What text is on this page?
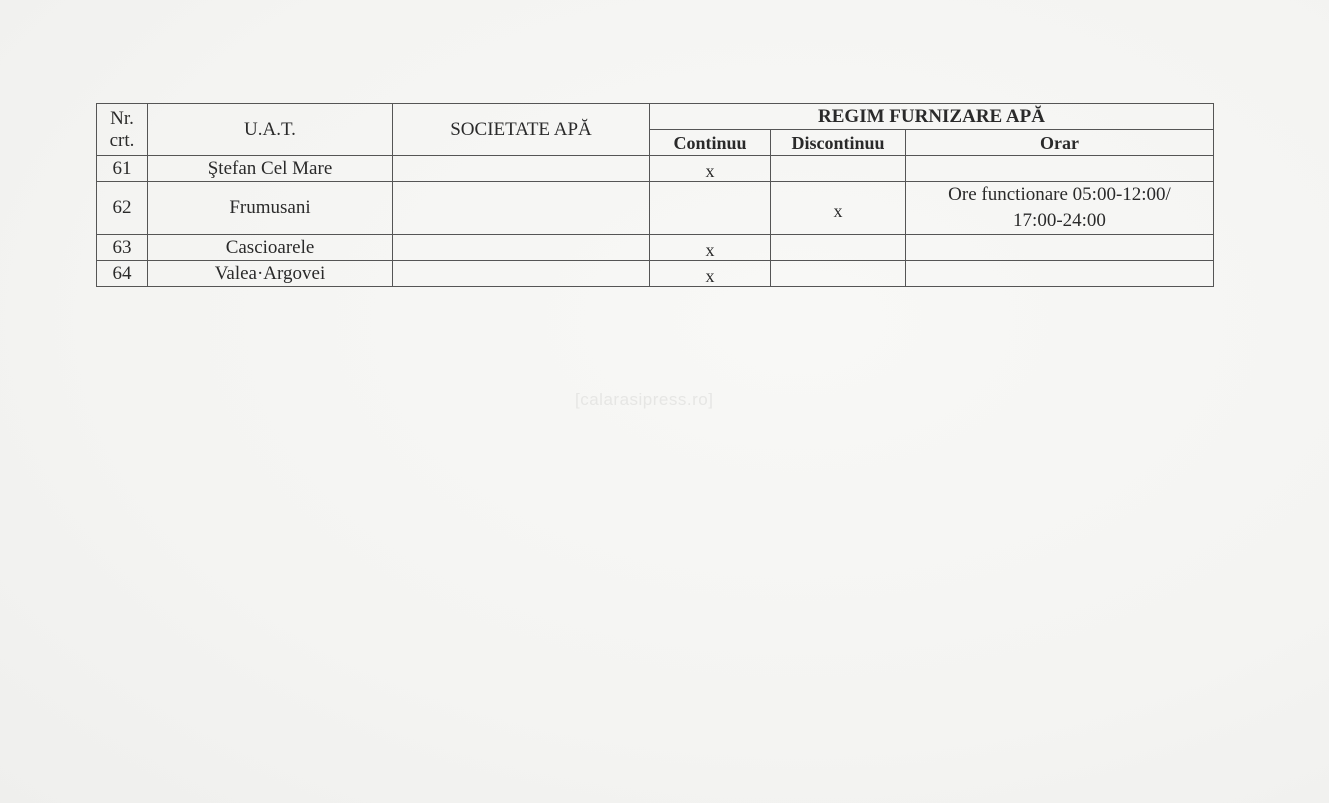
Nr.
crt.	U.A.T.	SOCIETATE APĂ	REGIM FURNIZARE APĂ		
			Continuu	Discontinuu	Orar
61	Ştefan Cel Mare		x		
62	Frumusani			x	Ore functionare 05:00-12:00/
17:00-24:00
63	Cascioarele		x		
64	Valea·Argovei		x		
[calarasipress.ro]
